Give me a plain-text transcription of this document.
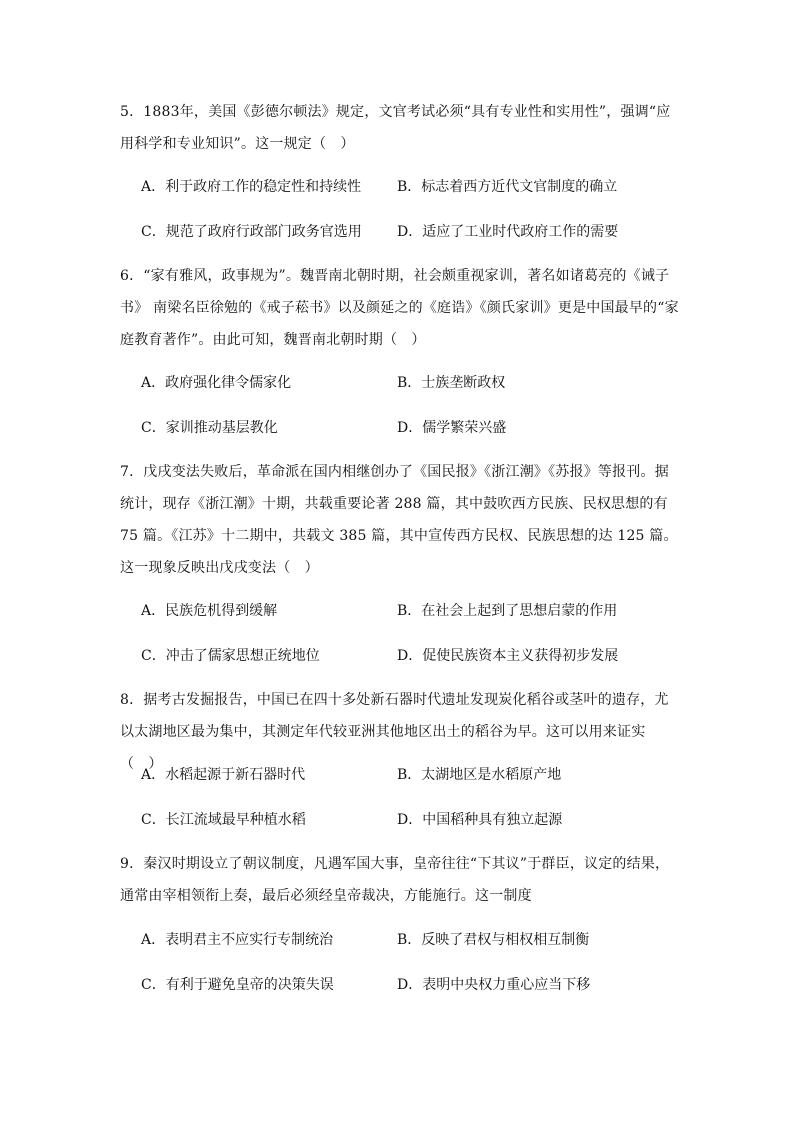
5．1883年，美国《彭德尔顿法》规定，文官考试必须“具有专业性和实用性”，强调“应用科学和专业知识”。这一规定（　）
A．利于政府工作的稳定性和持续性	B．标志着西方近代文官制度的确立
C．规范了政府行政部门政务官选用	D．适应了工业时代政府工作的需要
6．“家有雅风，政事规为”。魏晋南北朝时期，社会颇重视家训，著名如诸葛亮的《诫子书》 南梁名臣徐勉的《戒子菘书》以及颜延之的《庭诰》《颜氏家训》更是中国最早的“家庭教育著作”。由此可知，魏晋南北朝时期（　）
A．政府强化律令儒家化	B．士族垄断政权
C．家训推动基层教化	D．儒学繁荣兴盛
7．戊戌变法失败后，革命派在国内相继创办了《国民报》《浙江潮》《苏报》等报刊。据统计，现存《浙江潮》十期，共载重要论著 288 篇，其中鼓吹西方民族、民权思想的有 75 篇。《江苏》十二期中，共载文 385 篇，其中宣传西方民权、民族思想的达 125 篇。这一现象反映出戊戌变法（　）
A．民族危机得到缓解	B．在社会上起到了思想启蒙的作用
C．冲击了儒家思想正统地位	D．促使民族资本主义获得初步发展
8．据考古发掘报告，中国已在四十多处新石器时代遗址发现炭化稻谷或茎叶的遗存，尤以太湖地区最为集中，其测定年代较亚洲其他地区出土的稻谷为早。这可以用来证实（　）
A．水稻起源于新石器时代	B．太湖地区是水稻原产地
C．长江流域最早种植水稻	D．中国稻种具有独立起源
9．秦汉时期设立了朝议制度，凡遇军国大事，皇帝往往“下其议”于群臣，议定的结果，通常由宰相领衔上奏，最后必须经皇帝裁决，方能施行。这一制度
A．表明君主不应实行专制统治	B．反映了君权与相权相互制衡
C．有利于避免皇帝的决策失误	D．表明中央权力重心应当下移
